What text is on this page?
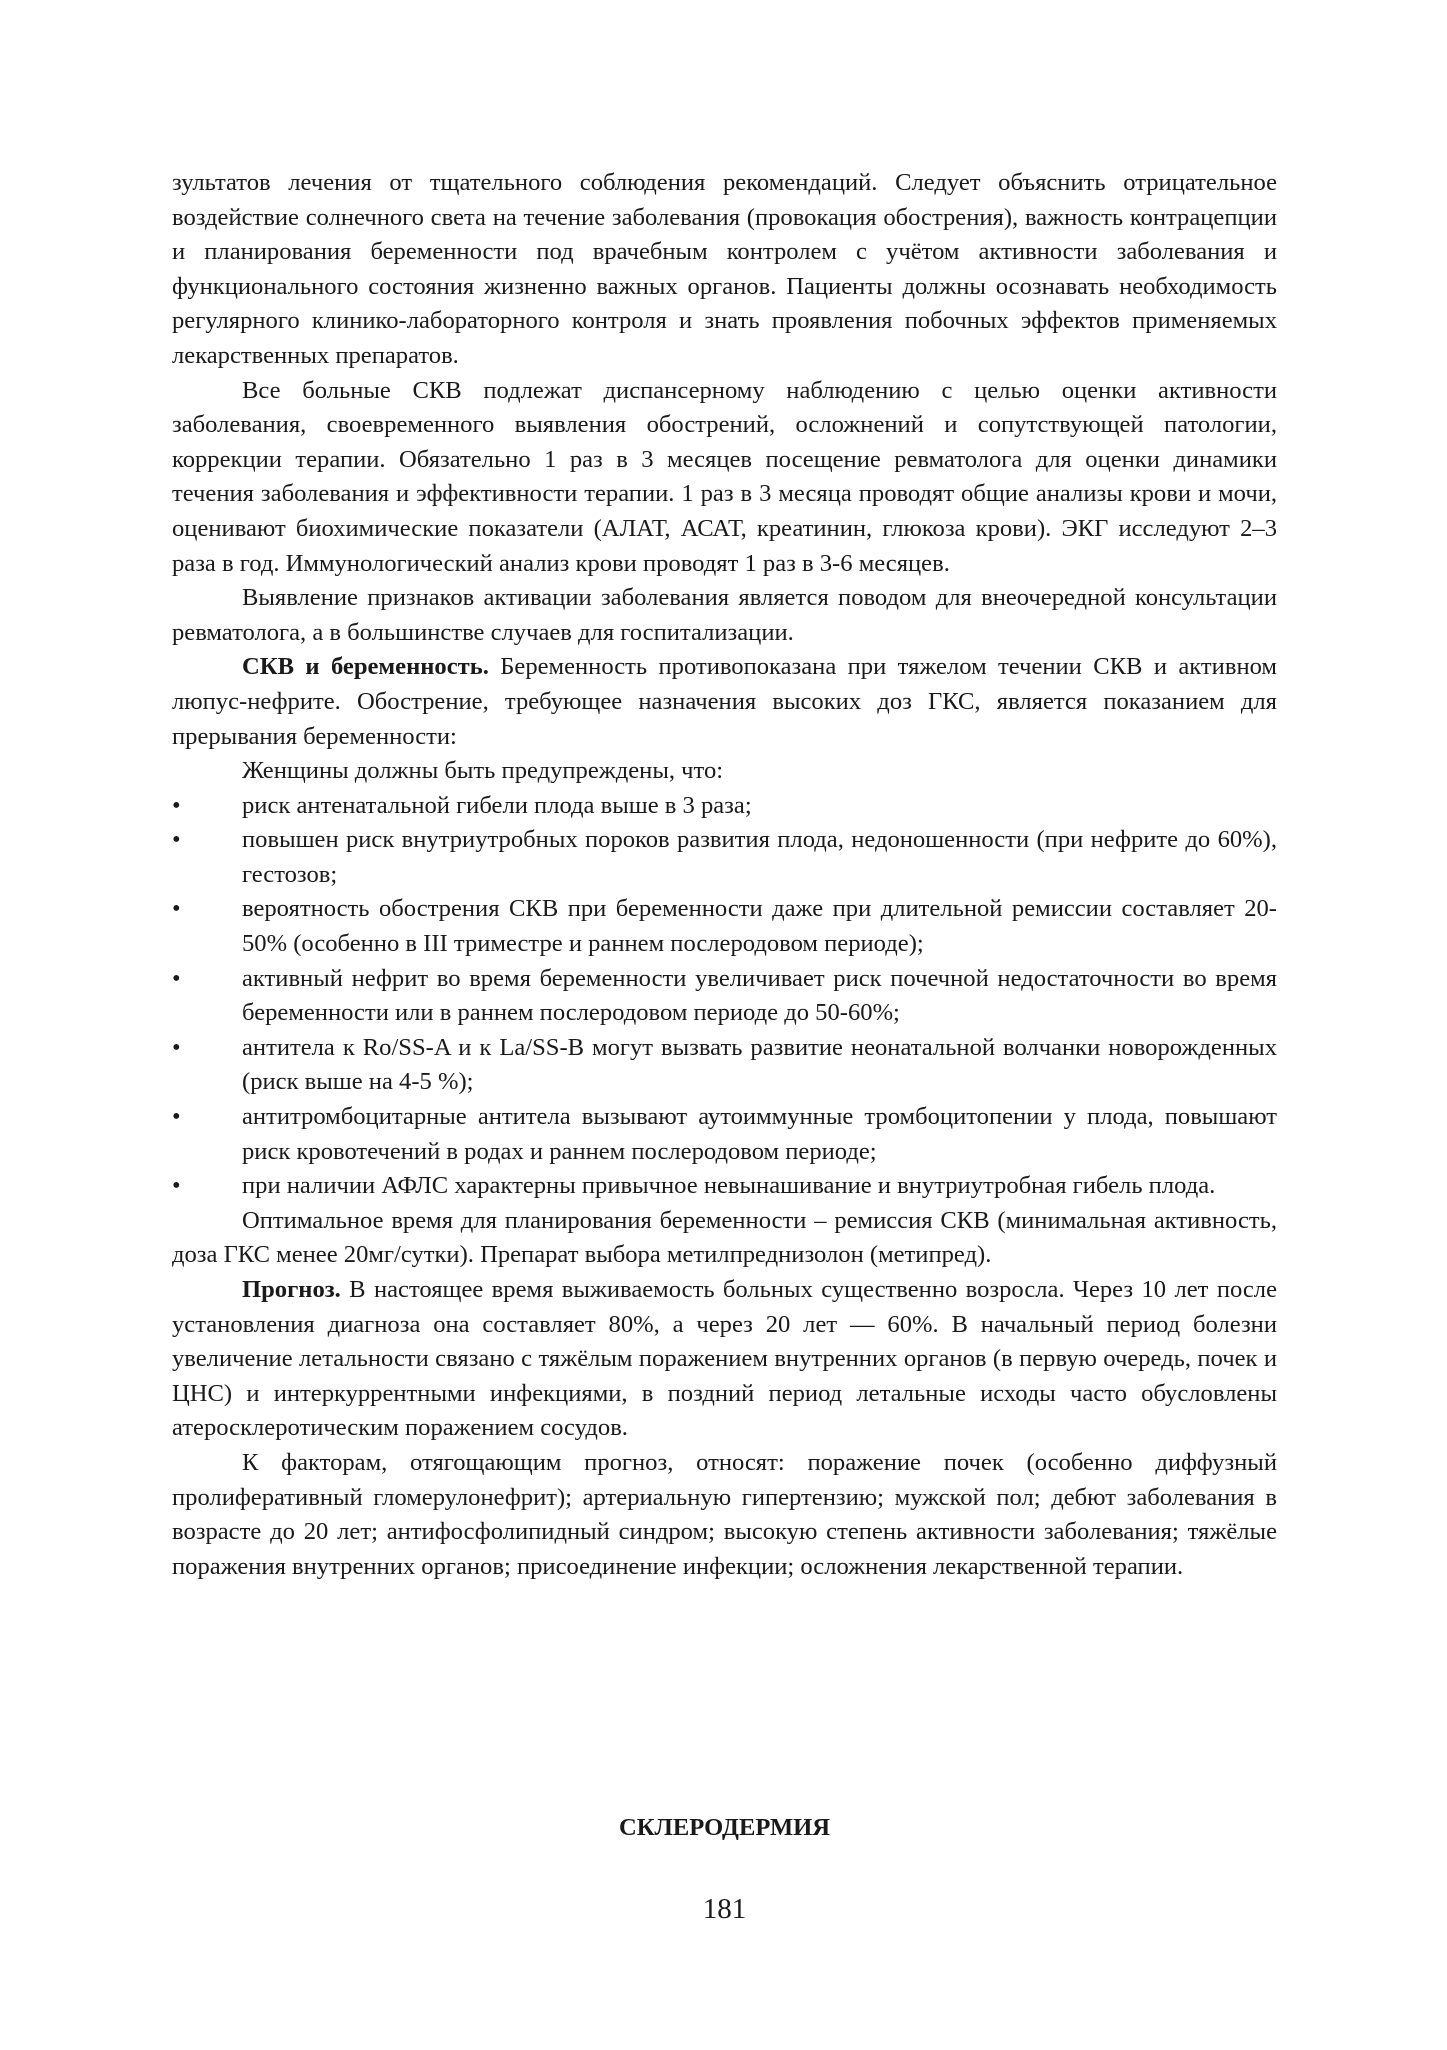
зультатов лечения от тщательного соблюдения рекомендаций. Следует объяснить отрицательное воздействие солнечного света на течение заболевания (провокация обострения), важность контрацепции и планирования беременности под врачебным контролем с учётом активности заболевания и функционального состояния жизненно важных органов. Пациенты должны осознавать необходимость регулярного клинико-лабораторного контроля и знать проявления побочных эффектов применяемых лекарственных препаратов.

Все больные СКВ подлежат диспансерному наблюдению с целью оценки активности заболевания, своевременного выявления обострений, осложнений и сопутствующей патологии, коррекции терапии. Обязательно 1 раз в 3 месяцев посещение ревматолога для оценки динамики течения заболевания и эффективности терапии. 1 раз в 3 месяца проводят общие анализы крови и мочи, оценивают биохимические показатели (АЛАТ, АСАТ, креатинин, глюкоза крови). ЭКГ исследуют 2–3 раза в год. Иммунологический анализ крови проводят 1 раз в 3-6 месяцев.

Выявление признаков активации заболевания является поводом для внеочередной консультации ревматолога, а в большинстве случаев для госпитализации.

СКВ и беременность. Беременность противопоказана при тяжелом течении СКВ и активном люпус-нефрите. Обострение, требующее назначения высоких доз ГКС, является показанием для прерывания беременности:

Женщины должны быть предупреждены, что:

•	риск антенатальной гибели плода выше в 3 раза;
•	повышен риск внутриутробных пороков развития плода, недоношенности (при нефрите до 60%), гестозов;
•	вероятность обострения СКВ при беременности даже при длительной ремиссии составляет 20-50% (особенно в III триместре и раннем послеродовом периоде);
•	активный нефрит во время беременности увеличивает риск почечной недостаточности во время беременности или в раннем послеродовом периоде до 50-60%;
•	антитела к Ro/SS-A и к La/SS-B могут вызвать развитие неонатальной волчанки новорожденных (риск выше на 4-5 %);
•	антитромбоцитарные антитела вызывают аутоиммунные тромбоцитопении у плода, повышают риск кровотечений в родах и раннем послеродовом периоде;
•	при наличии АФЛС характерны привычное невынашивание и внутриутробная гибель плода.

Оптимальное время для планирования беременности – ремиссия СКВ (минимальная активность, доза ГКС менее 20мг/сутки). Препарат выбора метилпреднизолон (метипред).

Прогноз. В настоящее время выживаемость больных существенно возросла. Через 10 лет после установления диагноза она составляет 80%, а через 20 лет — 60%. В начальный период болезни увеличение летальности связано с тяжёлым поражением внутренних органов (в первую очередь, почек и ЦНС) и интеркуррентными инфекциями, в поздний период летальные исходы часто обусловлены атеросклеротическим поражением сосудов.

К факторам, отягощающим прогноз, относят: поражение почек (особенно диффузный пролиферативный гломерулонефрит); артериальную гипертензию; мужской пол; дебют заболевания в возрасте до 20 лет; антифосфолипидный синдром; высокую степень активности заболевания; тяжёлые поражения внутренних органов; присоединение инфекции; осложнения лекарственной терапии.

СКЛЕРОДЕРМИЯ
181
